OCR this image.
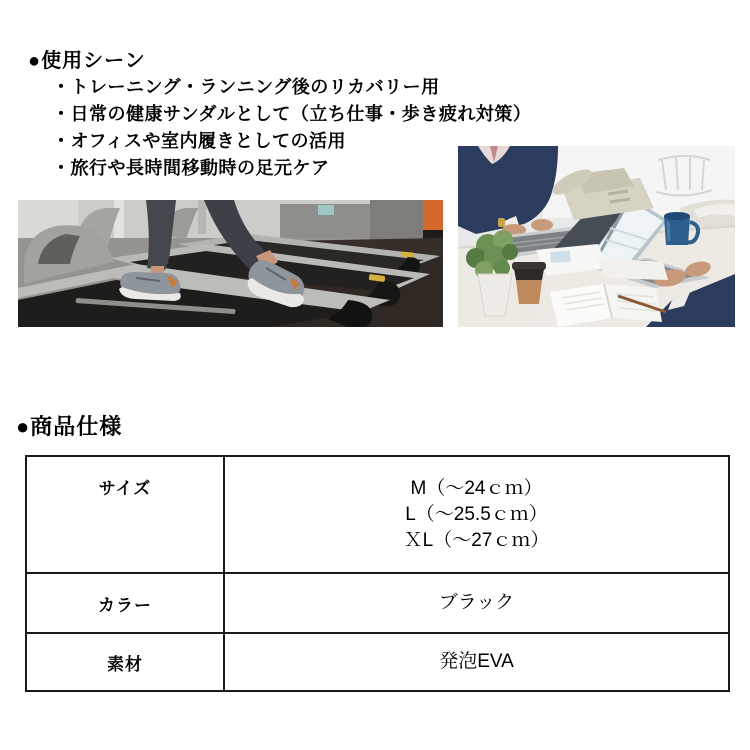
●使用シーン
・トレーニング・ランニング後のリカバリー用
・日常の健康サンダルとして（立ち仕事・歩き疲れ対策）
・オフィスや室内履きとしての活用
・旅行や長時間移動時の足元ケア
●商品仕様
サイズ	M（～24ｃｍ）
L（～25.5ｃｍ）
ＸL（～27ｃｍ）

カラー	ブラック
素材	発泡EVA
